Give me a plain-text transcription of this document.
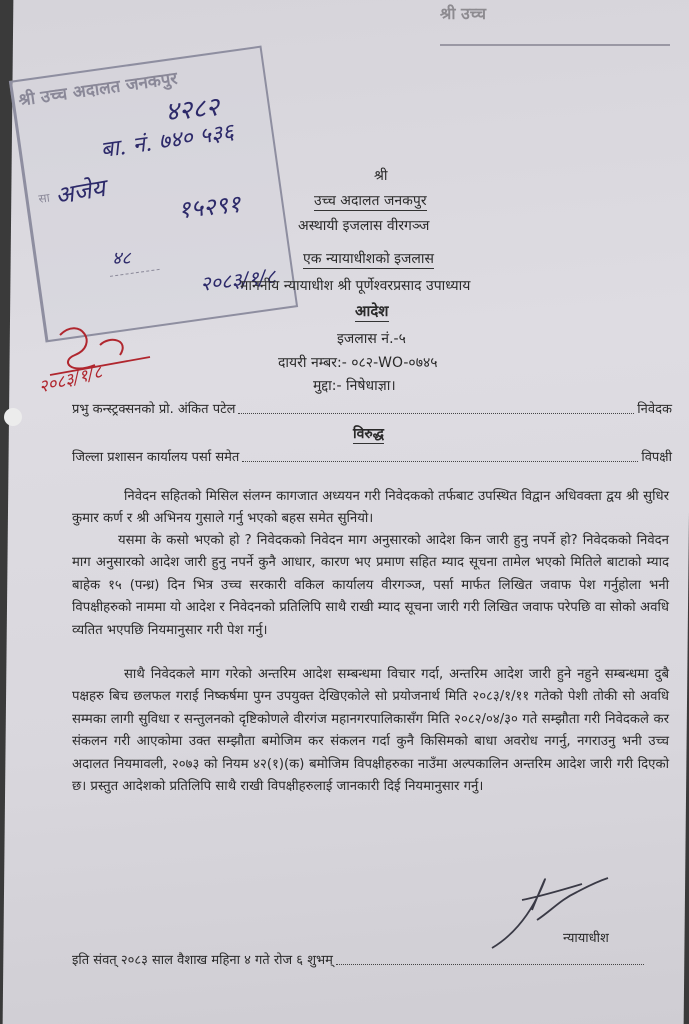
श्री उच्च
श्री उच्च अदालत जनकपुर
सा
४२८२
बा. नं. ७४० ५३६
अजेय	१५२९१
४८
२०८३/१/८
२०८३/१/८
श्री
उच्च अदालत जनकपुर
अस्थायी इजलास वीरगञ्ज
एक न्यायाधीशको इजलास
माननीय न्यायाधीश श्री पूर्णेश्वरप्रसाद उपाध्याय
आदेश
इजलास नं.-५
दायरी नम्बर:- ०८२-WO-०७४५
मुद्दा:- निषेधाज्ञा।
प्रभु कन्स्ट्रक्सनको प्रो. अंकित पटेल	निवेदक
विरुद्ध
जिल्ला प्रशासन कार्यालय पर्सा समेत	विपक्षी
निवेदन सहितको मिसिल संलग्न कागजात अध्ययन गरी निवेदकको तर्फबाट उपस्थित विद्वान अधिवक्ता द्वय श्री सुधिर कुमार कर्ण र श्री अभिनय गुसाले गर्नु भएको बहस समेत सुनियो।
यसमा के कसो भएको हो ? निवेदकको निवेदन माग अनुसारको आदेश किन जारी हुनु नपर्ने हो? निवेदकको निवेदन माग अनुसारको आदेश जारी हुनु नपर्ने कुनै आधार, कारण भए प्रमाण सहित म्याद सूचना तामेल भएको मितिले बाटाको म्याद बाहेक १५ (पन्ध्र) दिन भित्र उच्च सरकारी वकिल कार्यालय वीरगञ्ज, पर्सा मार्फत लिखित जवाफ पेश गर्नुहोला भनी विपक्षीहरुको नाममा यो आदेश र निवेदनको प्रतिलिपि साथै राखी म्याद सूचना जारी गरी लिखित जवाफ परेपछि वा सोको अवधि व्यतित भएपछि नियमानुसार गरी पेश गर्नु।
साथै निवेदकले माग गरेको अन्तरिम आदेश सम्बन्धमा विचार गर्दा, अन्तरिम आदेश जारी हुने नहुने सम्बन्धमा दुबै पक्षहरु बिच छलफल गराई निष्कर्षमा पुग्न उपयुक्त देखिएकोले सो प्रयोजनार्थ मिति २०८३/१/११ गतेको पेशी तोकी सो अवधि सम्मका लागी सुविधा र सन्तुलनको दृष्टिकोणले वीरगंज महानगरपालिकासँग मिति २०८२/०४/३० गते सम्झौता गरी निवेदकले कर संकलन गरी आएकोमा उक्त सम्झौता बमोजिम कर संकलन गर्दा कुनै किसिमको बाधा अवरोध नगर्नु, नगराउनु भनी उच्च अदालत नियमावली, २०७३ को नियम ४२(१)(क) बमोजिम विपक्षीहरुका नाउँमा अल्पकालिन अन्तरिम आदेश जारी गरी दिएको छ। प्रस्तुत आदेशको प्रतिलिपि साथै राखी विपक्षीहरुलाई जानकारी दिई नियमानुसार गर्नु।
न्यायाधीश
इति संवत् २०८३ साल वैशाख महिना ४ गते रोज ६ शुभम्
